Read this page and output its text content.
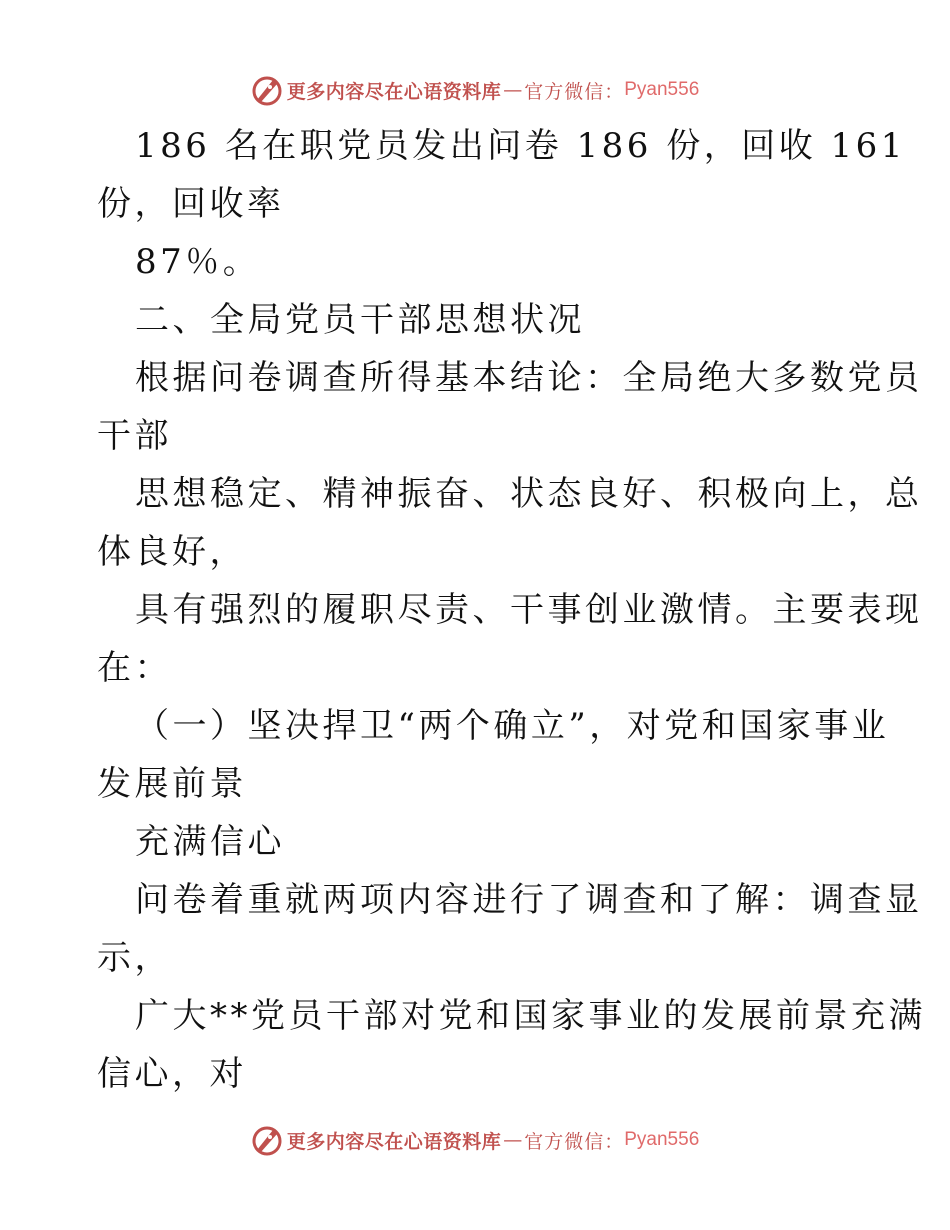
更多内容尽在心语资料库 — 官方微信： Pyan556
186 名在职党员发出问卷 186 份，回收 161
份，回收率
87％。
二、全局党员干部思想状况
根据问卷调查所得基本结论：全局绝大多数党员
干部
思想稳定、精神振奋、状态良好、积极向上，总
体良好，
具有强烈的履职尽责、干事创业激情。主要表现
在：
（一）坚决捍卫“两个确立”，对党和国家事业
发展前景
充满信心
问卷着重就两项内容进行了调查和了解：调查显
示，
广大**党员干部对党和国家事业的发展前景充满
信心，对
更多内容尽在心语资料库 — 官方微信： Pyan556
